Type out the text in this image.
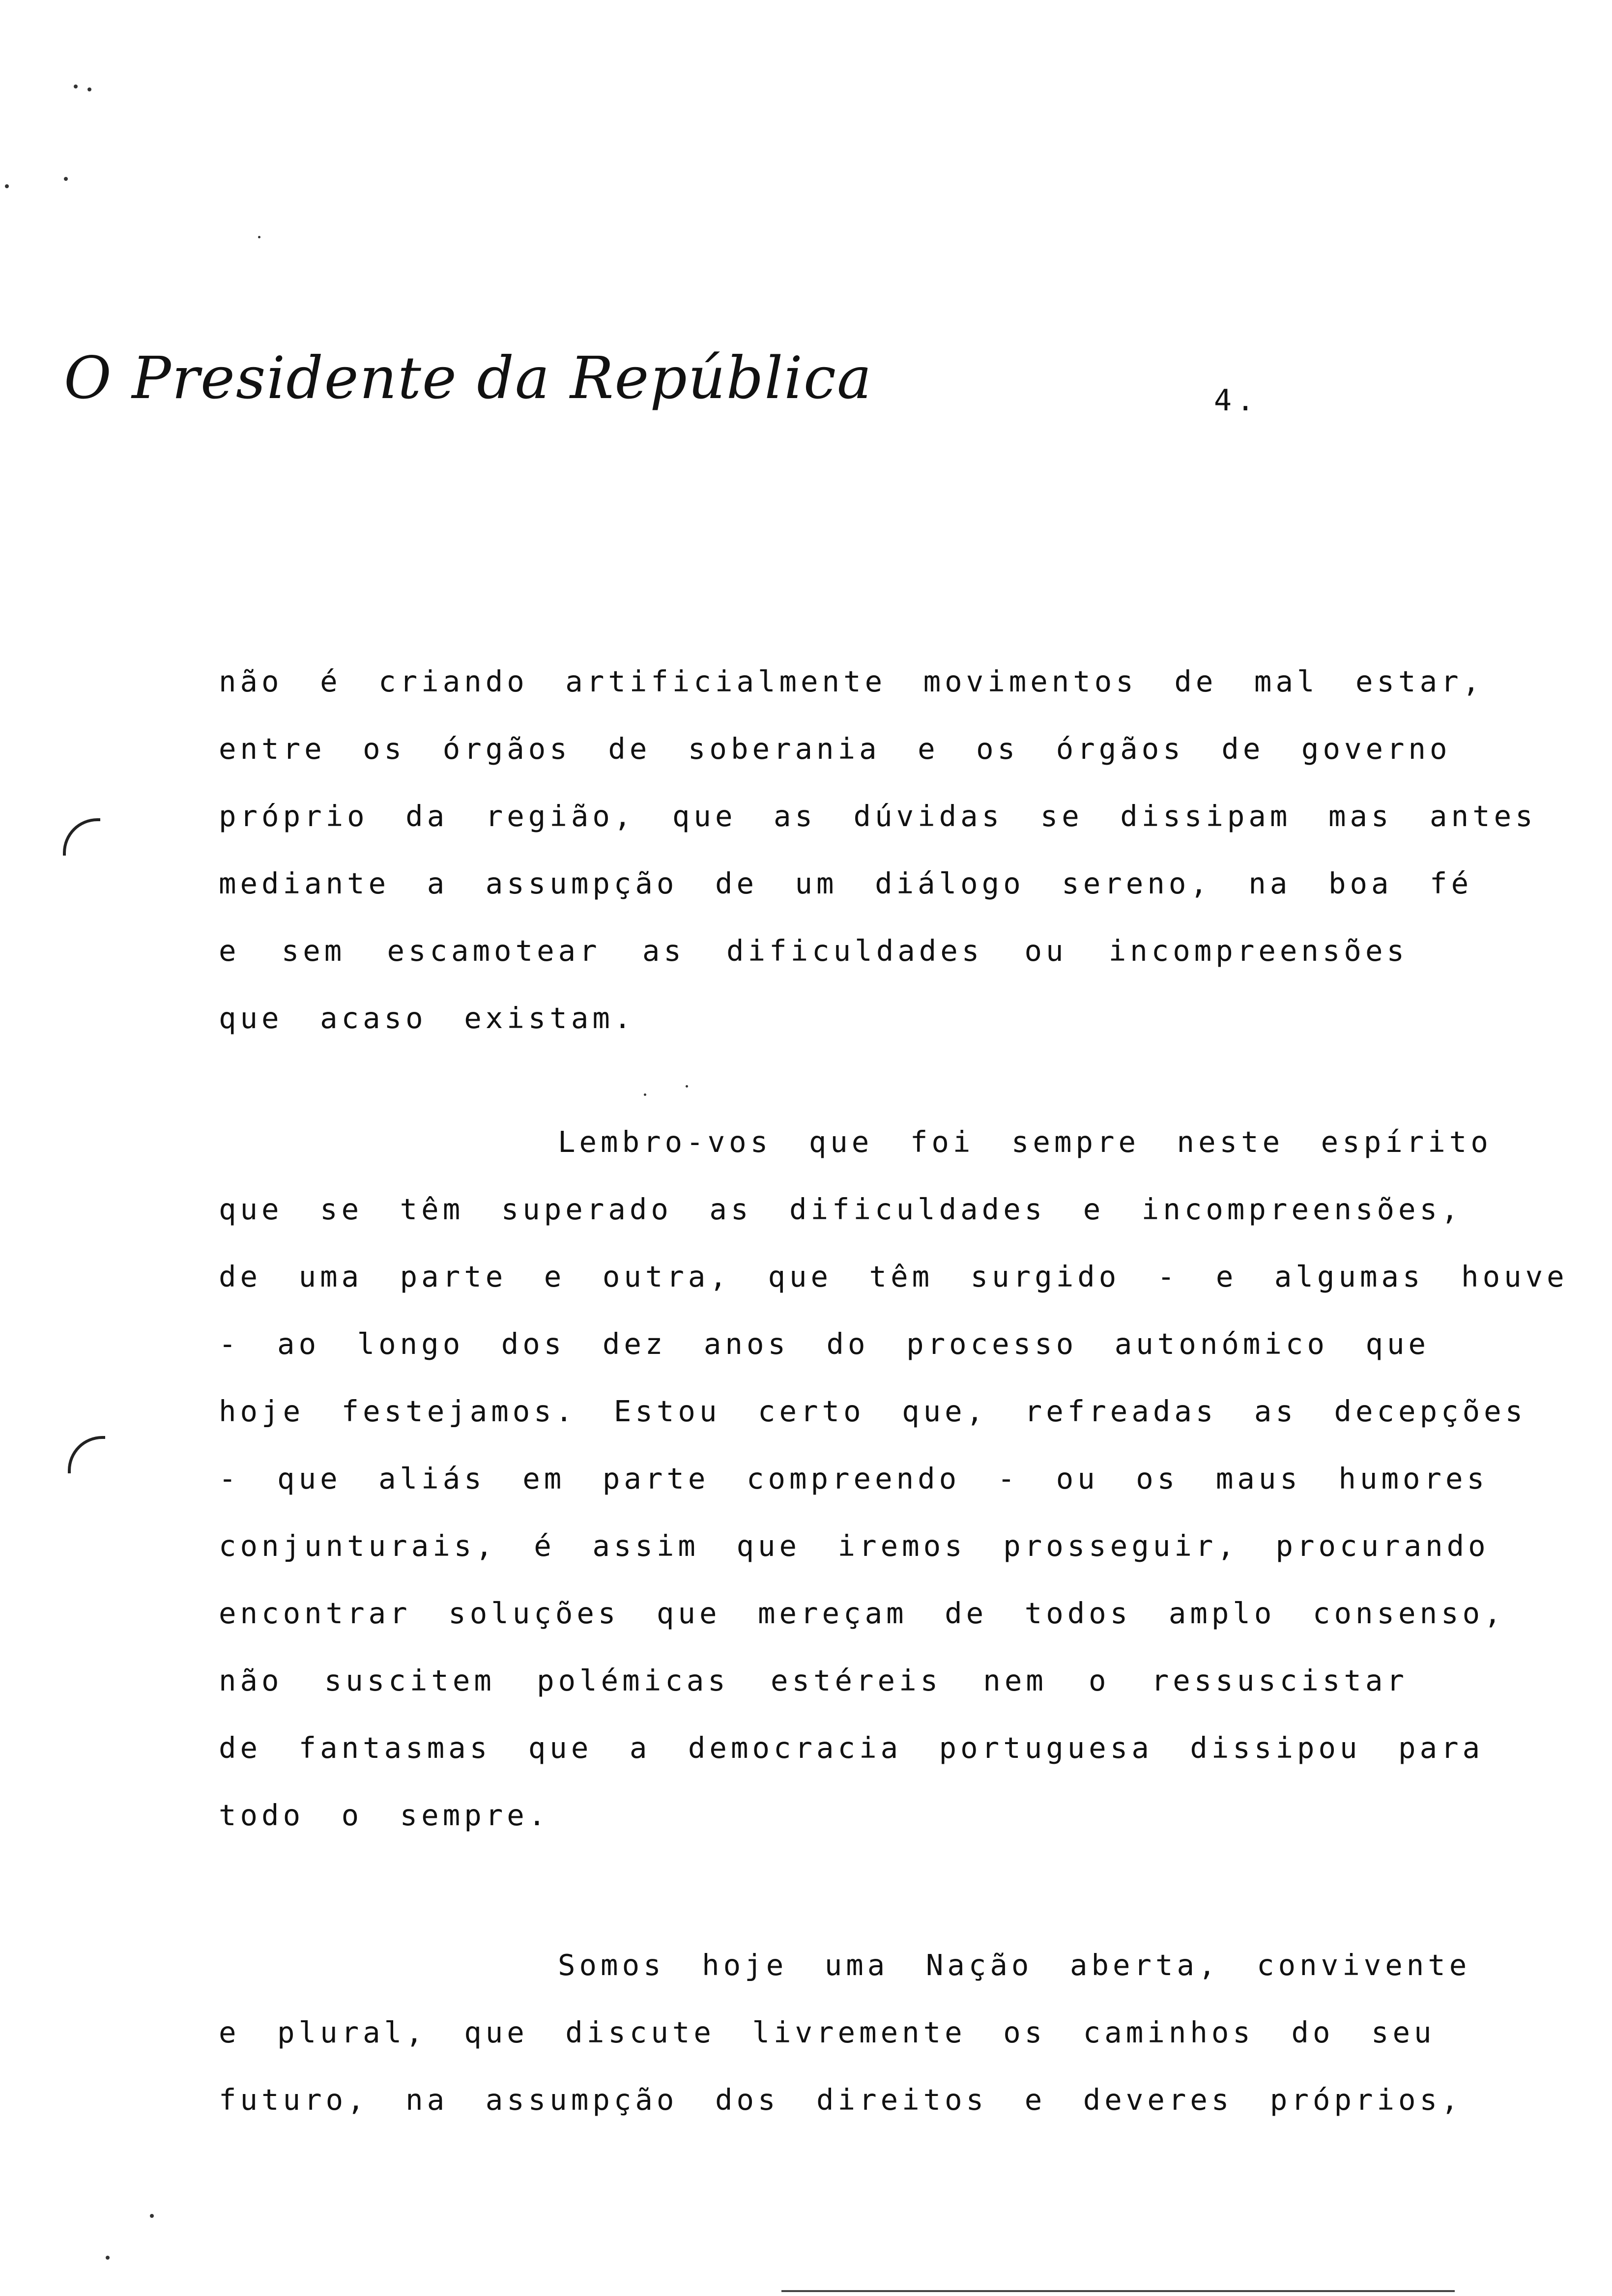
O Presidente da República	4.
não é criando artificialmente movimentos de mal estar,
entre os órgãos de soberania e os órgãos de governo
próprio da região, que as dúvidas se dissipam mas antes
mediante a assumpção de um diálogo sereno, na boa fé
e sem escamotear as dificuldades ou incompreensões
que acaso existam.
Lembro-vos que foi sempre neste espírito
que se têm superado as dificuldades e incompreensões,
de uma parte e outra, que têm surgido - e algumas houve
- ao longo dos dez anos do processo autonómico que
hoje festejamos. Estou certo que, refreadas as decepções
- que aliás em parte compreendo - ou os maus humores
conjunturais, é assim que iremos prosseguir, procurando
encontrar soluções que mereçam de todos amplo consenso,
não suscitem polémicas estéreis nem o ressuscistar
de fantasmas que a democracia portuguesa dissipou para
todo o sempre.
Somos hoje uma Nação aberta, convivente
e plural, que discute livremente os caminhos do seu
futuro, na assumpção dos direitos e deveres próprios,
